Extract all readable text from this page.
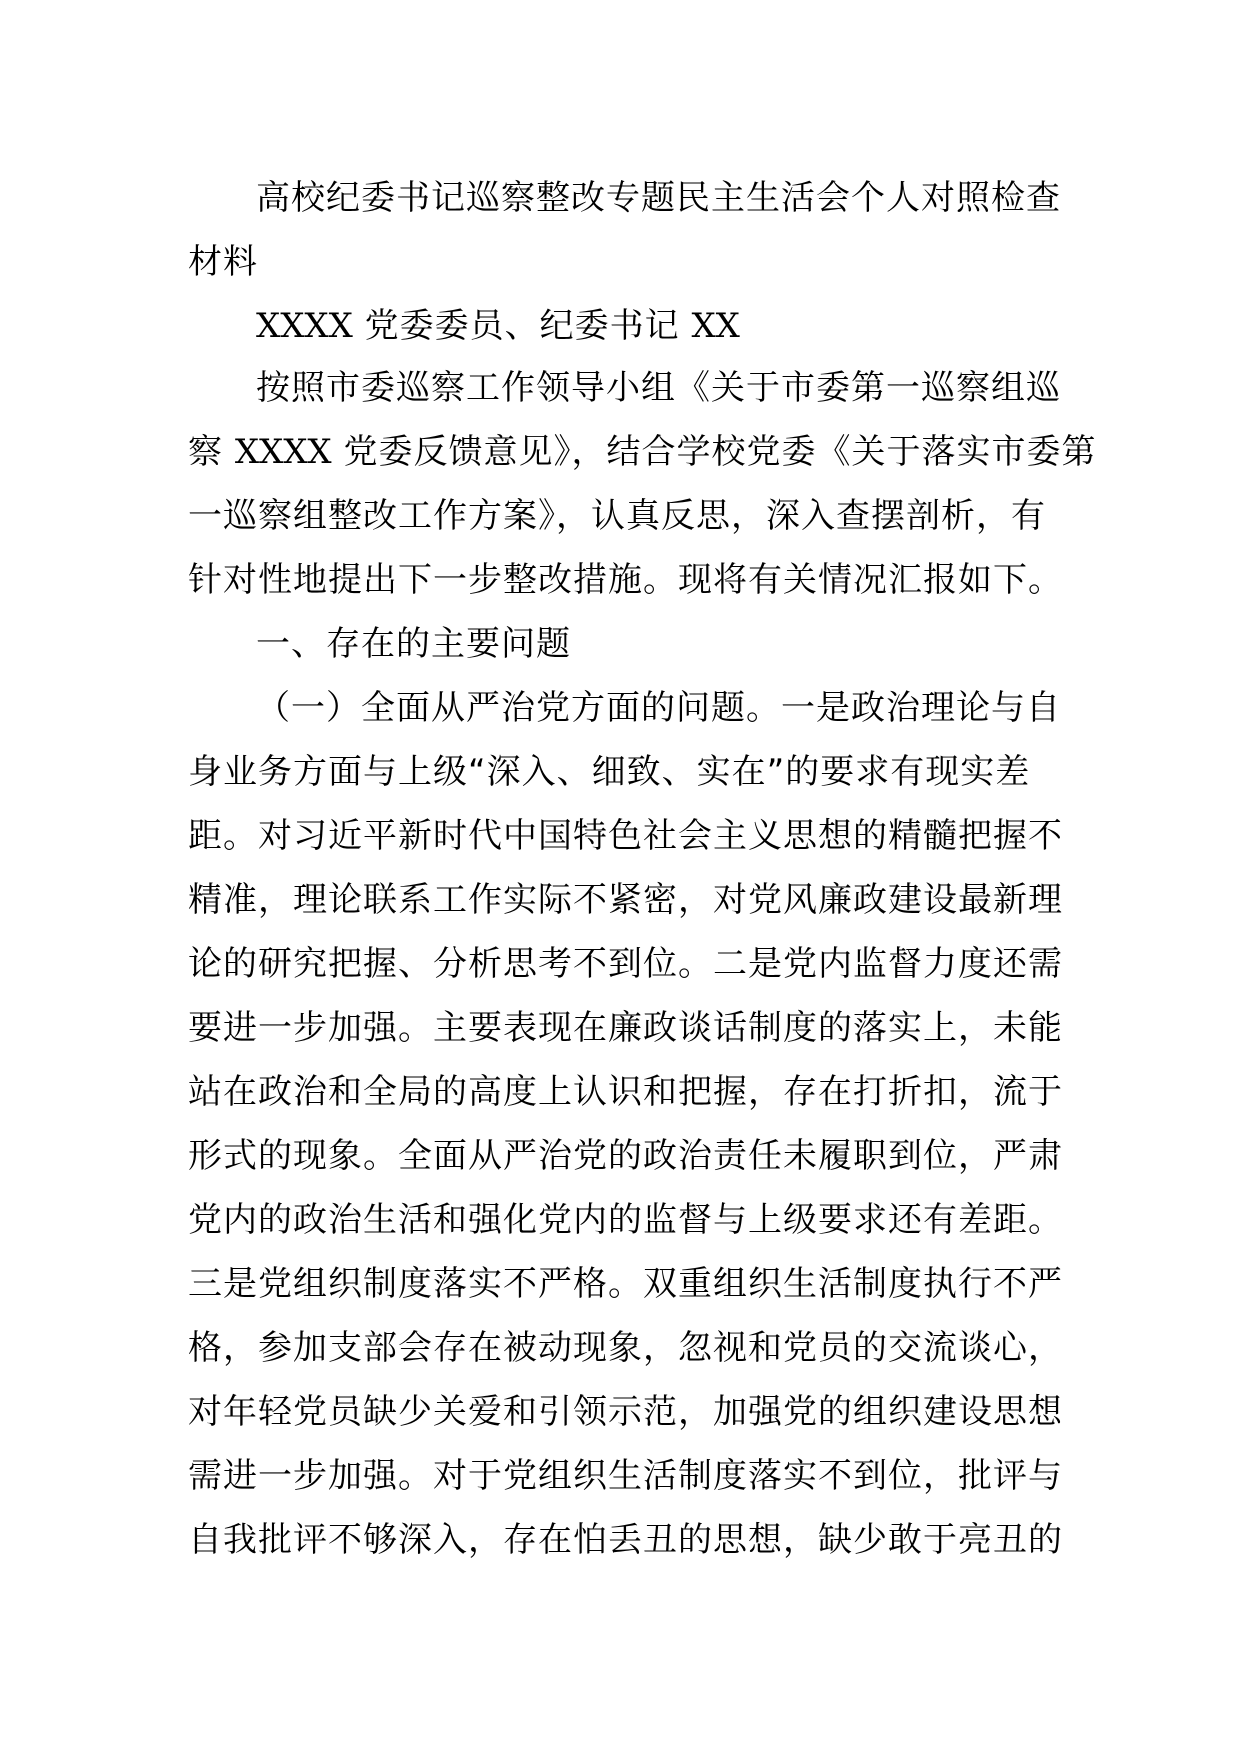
高校纪委书记巡察整改专题民主生活会个人对照检查
材料
XXXX 党委委员、纪委书记 XX
按照市委巡察工作领导小组《关于市委第一巡察组巡
察 XXXX 党委反馈意见》，结合学校党委《关于落实市委第
一巡察组整改工作方案》，认真反思，深入查摆剖析，有
针对性地提出下一步整改措施。现将有关情况汇报如下。
一、存在的主要问题
（一）全面从严治党方面的问题。一是政治理论与自
身业务方面与上级“深入、细致、实在”的要求有现实差
距。对习近平新时代中国特色社会主义思想的精髓把握不
精准，理论联系工作实际不紧密，对党风廉政建设最新理
论的研究把握、分析思考不到位。二是党内监督力度还需
要进一步加强。主要表现在廉政谈话制度的落实上，未能
站在政治和全局的高度上认识和把握，存在打折扣，流于
形式的现象。全面从严治党的政治责任未履职到位，严肃
党内的政治生活和强化党内的监督与上级要求还有差距。
三是党组织制度落实不严格。双重组织生活制度执行不严
格，参加支部会存在被动现象，忽视和党员的交流谈心，
对年轻党员缺少关爱和引领示范，加强党的组织建设思想
需进一步加强。对于党组织生活制度落实不到位，批评与
自我批评不够深入，存在怕丢丑的思想，缺少敢于亮丑的
